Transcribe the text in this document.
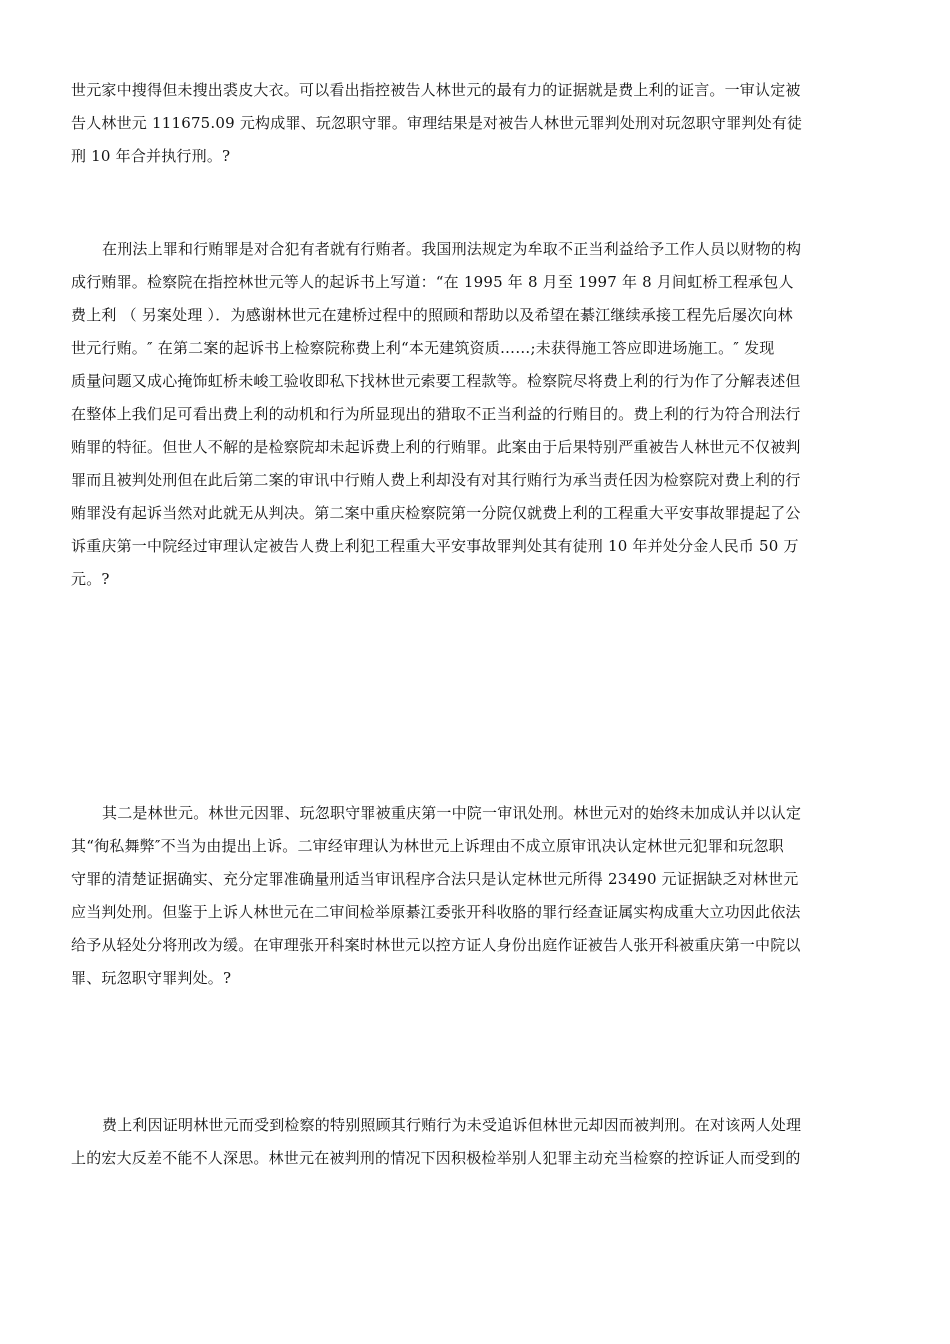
世元家中搜得但未搜出裘皮大衣。可以看出指控被告人林世元的最有力的证据就是费上利的证言。一审认定被
告人林世元 111675.09 元构成罪、玩忽职守罪。审理结果是对被告人林世元罪判处刑对玩忽职守罪判处有徒
刑 10 年合并执行刑。?
在刑法上罪和行贿罪是对合犯有者就有行贿者。我国刑法规定为牟取不正当利益给予工作人员以财物的构
成行贿罪。检察院在指控林世元等人的起诉书上写道：“在 1995 年 8 月至 1997 年 8 月间虹桥工程承包人
费上利 （ 另案处理 ）．为感谢林世元在建桥过程中的照顾和帮助以及希望在綦江继续承接工程先后屡次向林
世元行贿。″ 在第二案的起诉书上检察院称费上利“本无建筑资质……;未获得施工答应即进场施工。″ 发现
质量问题又成心掩饰虹桥未峻工验收即私下找林世元索要工程款等。检察院尽将费上利的行为作了分解表述但
在整体上我们足可看出费上利的动机和行为所显现出的猎取不正当利益的行贿目的。费上利的行为符合刑法行
贿罪的特征。但世人不解的是检察院却未起诉费上利的行贿罪。此案由于后果特别严重被告人林世元不仅被判
罪而且被判处刑但在此后第二案的审讯中行贿人费上利却没有对其行贿行为承当责任因为检察院对费上利的行
贿罪没有起诉当然对此就无从判决。第二案中重庆检察院第一分院仅就费上利的工程重大平安事故罪提起了公
诉重庆第一中院经过审理认定被告人费上利犯工程重大平安事故罪判处其有徒刑 10 年并处分金人民币 50 万
元。?
其二是林世元。林世元因罪、玩忽职守罪被重庆第一中院一审讯处刑。林世元对的始终未加成认并以认定
其“徇私舞弊″不当为由提出上诉。二审经审理认为林世元上诉理由不成立原审讯决认定林世元犯罪和玩忽职
守罪的清楚证据确实、充分定罪准确量刑适当审讯程序合法只是认定林世元所得 23490 元证据缺乏对林世元
应当判处刑。但鉴于上诉人林世元在二审间检举原綦江委张开科收胳的罪行经查证属实构成重大立功因此依法
给予从轻处分将刑改为缓。在审理张开科案时林世元以控方证人身份出庭作证被告人张开科被重庆第一中院以
罪、玩忽职守罪判处。?
费上利因证明林世元而受到检察的特别照顾其行贿行为未受追诉但林世元却因而被判刑。在对该两人处理
上的宏大反差不能不人深思。林世元在被判刑的情况下因积极检举别人犯罪主动充当检察的控诉证人而受到的
